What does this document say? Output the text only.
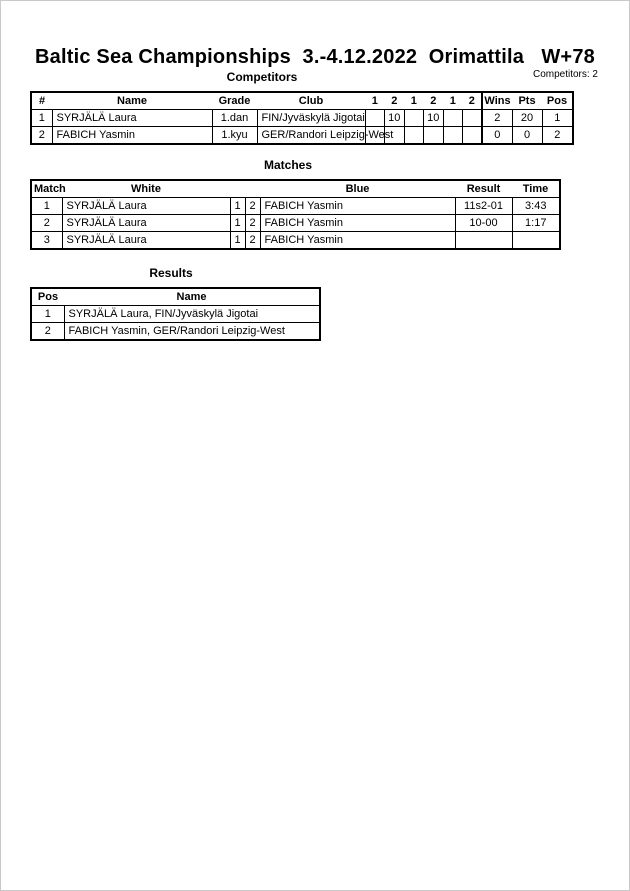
Baltic Sea Championships  3.-4.12.2022  Orimattila   W+78
Competitors	Competitors: 2
#	Name	Grade	Club	1	2	1	2	1	2	Wins	Pts	Pos
1	SYRJÄLÄ Laura	1.dan	FIN/Jyväskylä Jigotai		10		10			2	20	1
2	FABICH Yasmin	1.kyu	GER/Randori Leipzig-West							0	0	2
Matches
Match	White			Blue	Result	Time
1	SYRJÄLÄ Laura	1	2	FABICH Yasmin	11s2-01	3:43
2	SYRJÄLÄ Laura	1	2	FABICH Yasmin	10-00	1:17
3	SYRJÄLÄ Laura	1	2	FABICH Yasmin		
Results
Pos	Name
1	SYRJÄLÄ Laura, FIN/Jyväskylä Jigotai
2	FABICH Yasmin, GER/Randori Leipzig-West
